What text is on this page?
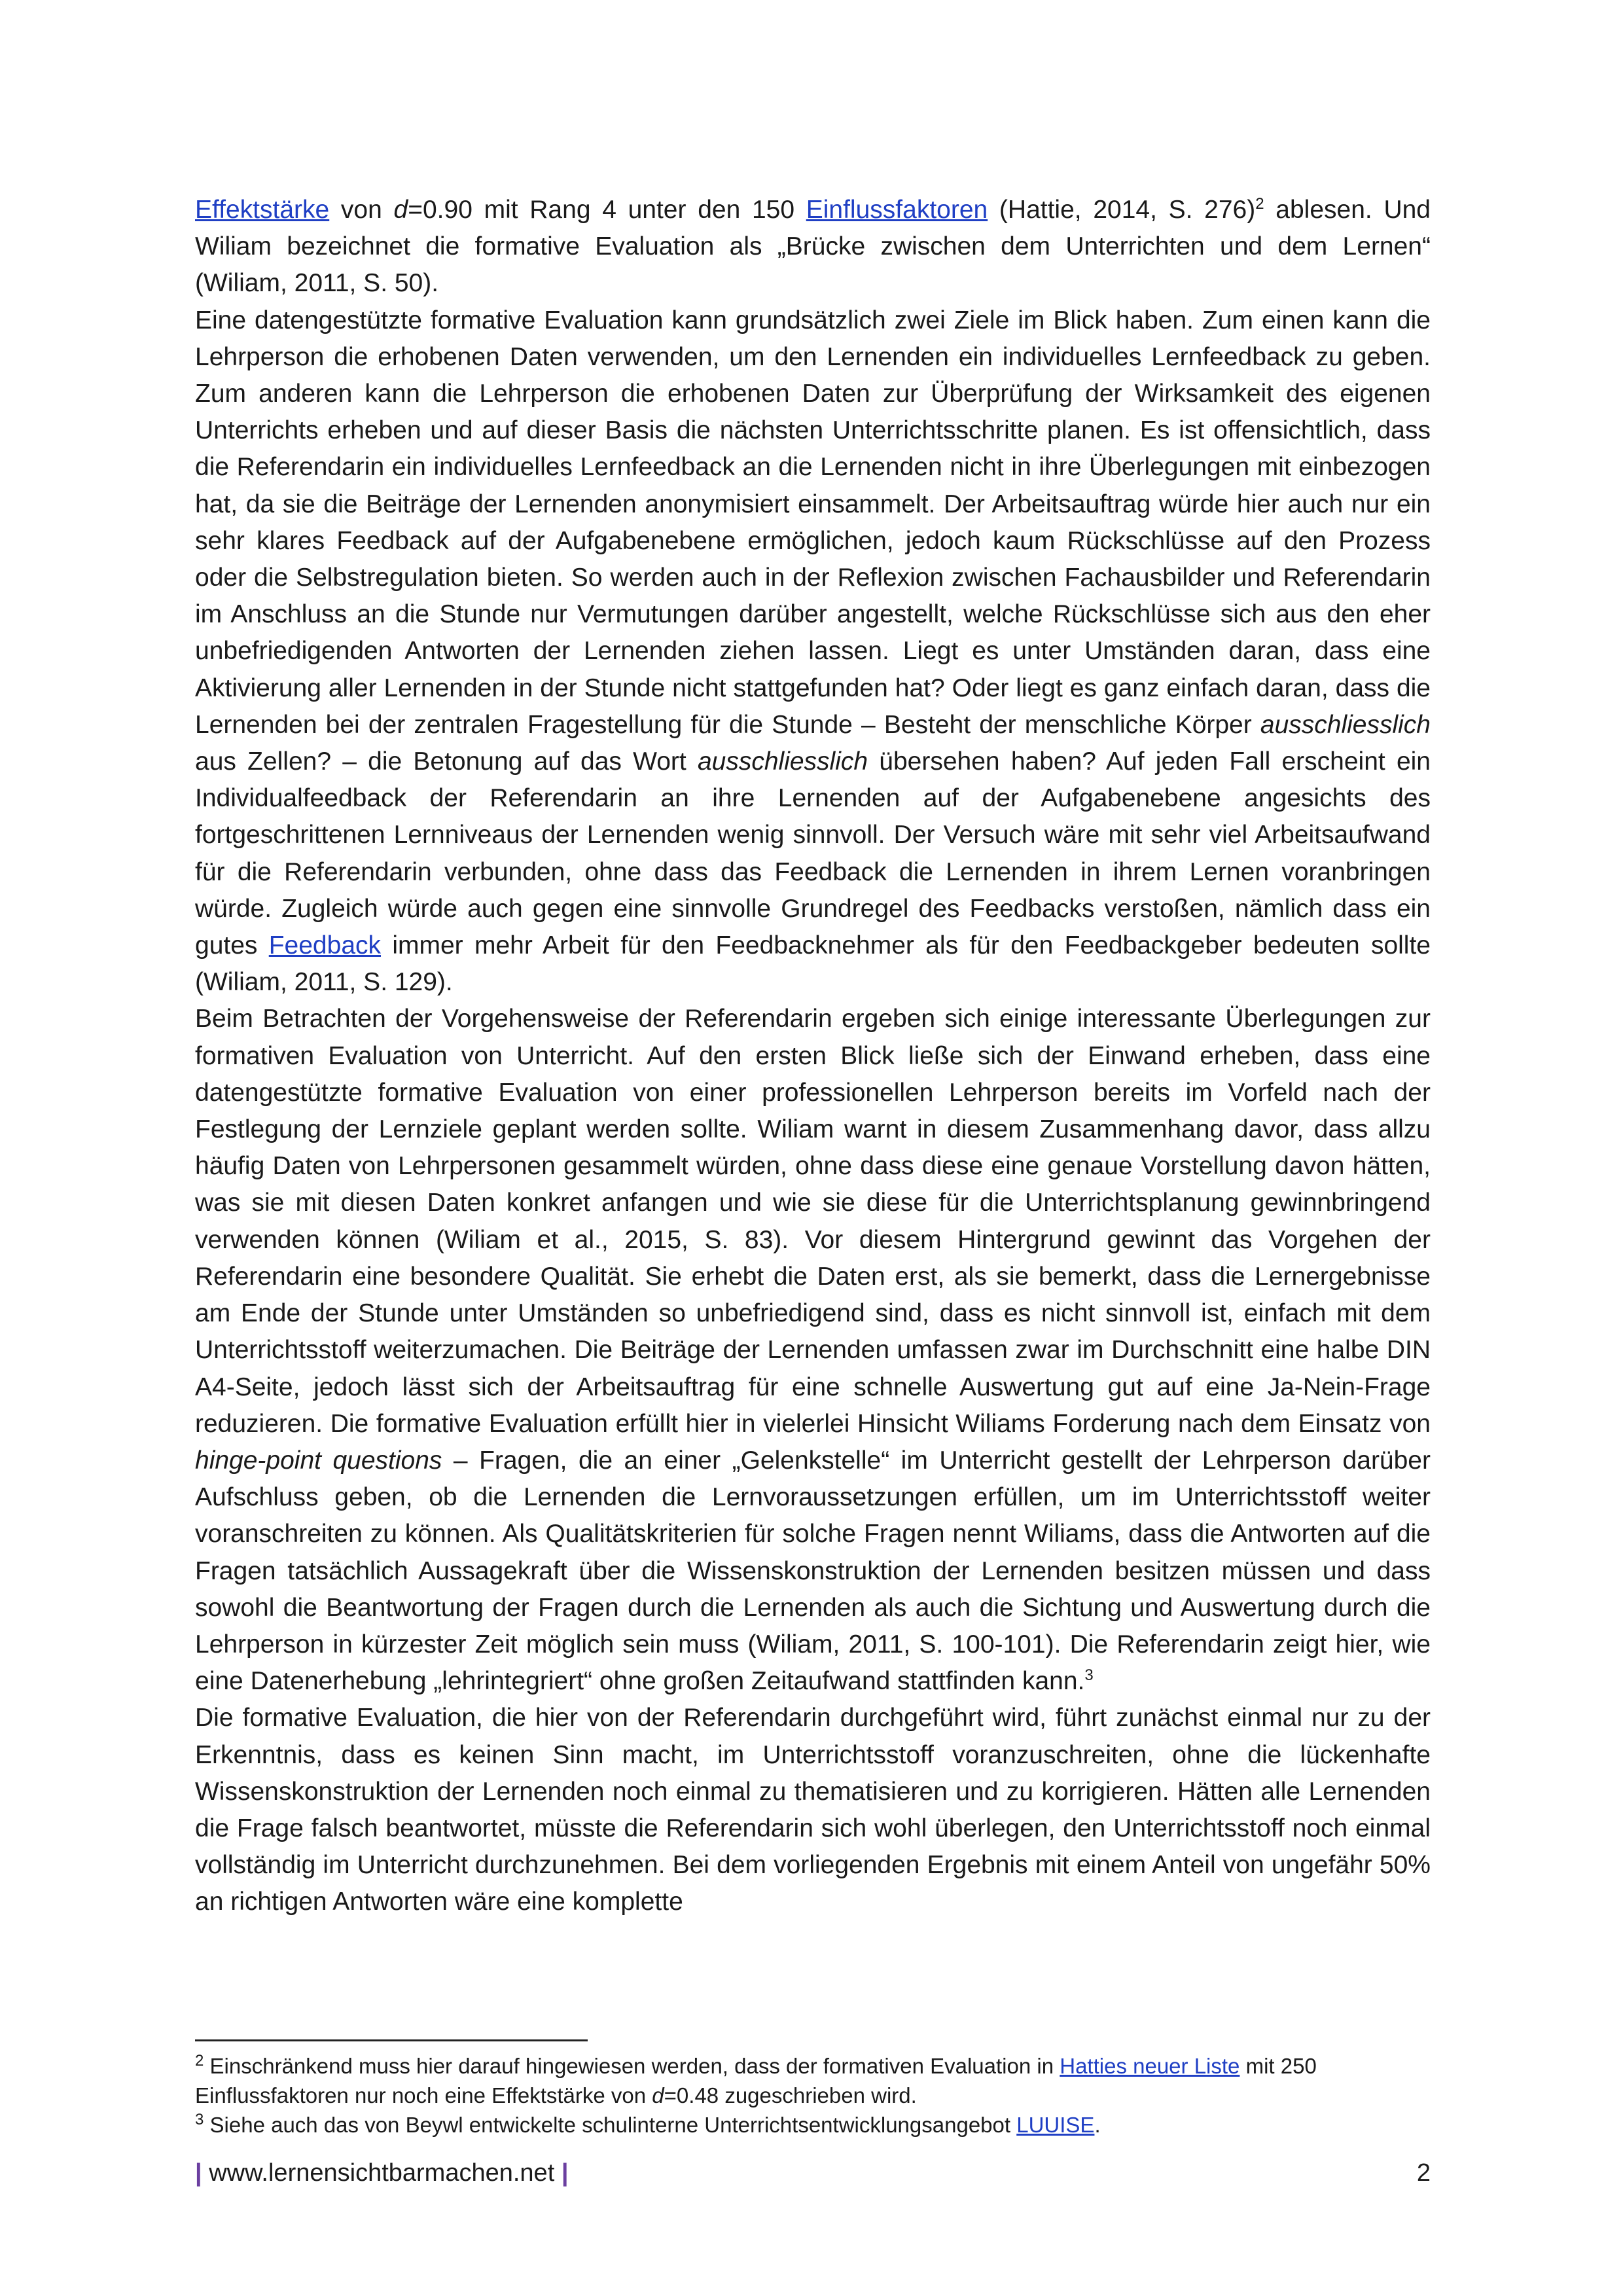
Effektstärke von d=0.90 mit Rang 4 unter den 150 Einflussfaktoren (Hattie, 2014, S. 276)$^2$ ablesen. Und Wiliam bezeichnet die formative Evaluation als „Brücke zwischen dem Unterrichten und dem Lernen“ (Wiliam, 2011, S. 50).

Eine datengestützte formative Evaluation kann grundsätzlich zwei Ziele im Blick haben. Zum einen kann die Lehrperson die erhobenen Daten verwenden, um den Lernenden ein individuelles Lernfeedback zu geben. Zum anderen kann die Lehrperson die erhobenen Daten zur Überprüfung der Wirksamkeit des eigenen Unterrichts erheben und auf dieser Basis die nächsten Unterrichtsschritte planen. Es ist offensichtlich, dass die Referendarin ein individuelles Lernfeedback an die Lernenden nicht in ihre Überlegungen mit einbezogen hat, da sie die Beiträge der Lernenden anonymisiert einsammelt. Der Arbeitsauftrag würde hier auch nur ein sehr klares Feedback auf der Aufgabenebene ermöglichen, jedoch kaum Rückschlüsse auf den Prozess oder die Selbstregulation bieten. So werden auch in der Reflexion zwischen Fachausbilder und Referendarin im Anschluss an die Stunde nur Vermutungen darüber angestellt, welche Rückschlüsse sich aus den eher unbefriedigenden Antworten der Lernenden ziehen lassen. Liegt es unter Umständen daran, dass eine Aktivierung aller Lernenden in der Stunde nicht stattgefunden hat? Oder liegt es ganz einfach daran, dass die Lernenden bei der zentralen Fragestellung für die Stunde – Besteht der menschliche Körper ausschliesslich aus Zellen? – die Betonung auf das Wort ausschliesslich übersehen haben? Auf jeden Fall erscheint ein Individualfeedback der Referendarin an ihre Lernenden auf der Aufgabenebene angesichts des fortgeschrittenen Lernniveaus der Lernenden wenig sinnvoll. Der Versuch wäre mit sehr viel Arbeitsaufwand für die Referendarin verbunden, ohne dass das Feedback die Lernenden in ihrem Lernen voranbringen würde. Zugleich würde auch gegen eine sinnvolle Grundregel des Feedbacks verstoßen, nämlich dass ein gutes Feedback immer mehr Arbeit für den Feedbacknehmer als für den Feedbackgeber bedeuten sollte (Wiliam, 2011, S. 129).

Beim Betrachten der Vorgehensweise der Referendarin ergeben sich einige interessante Überlegungen zur formativen Evaluation von Unterricht. Auf den ersten Blick ließe sich der Einwand erheben, dass eine datengestützte formative Evaluation von einer professionellen Lehrperson bereits im Vorfeld nach der Festlegung der Lernziele geplant werden sollte. Wiliam warnt in diesem Zusammenhang davor, dass allzu häufig Daten von Lehrpersonen gesammelt würden, ohne dass diese eine genaue Vorstellung davon hätten, was sie mit diesen Daten konkret anfangen und wie sie diese für die Unterrichtsplanung gewinnbringend verwenden können (Wiliam et al., 2015, S. 83). Vor diesem Hintergrund gewinnt das Vorgehen der Referendarin eine besondere Qualität. Sie erhebt die Daten erst, als sie bemerkt, dass die Lernergebnisse am Ende der Stunde unter Umständen so unbefriedigend sind, dass es nicht sinnvoll ist, einfach mit dem Unterrichtsstoff weiterzumachen. Die Beiträge der Lernenden umfassen zwar im Durchschnitt eine halbe DIN A4-Seite, jedoch lässt sich der Arbeitsauftrag für eine schnelle Auswertung gut auf eine Ja-Nein-Frage reduzieren. Die formative Evaluation erfüllt hier in vielerlei Hinsicht Wiliams Forderung nach dem Einsatz von hinge-point questions – Fragen, die an einer „Gelenkstelle“ im Unterricht gestellt der Lehrperson darüber Aufschluss geben, ob die Lernenden die Lernvoraussetzungen erfüllen, um im Unterrichtsstoff weiter voranschreiten zu können. Als Qualitätskriterien für solche Fragen nennt Wiliams, dass die Antworten auf die Fragen tatsächlich Aussagekraft über die Wissenskonstruktion der Lernenden besitzen müssen und dass sowohl die Beantwortung der Fragen durch die Lernenden als auch die Sichtung und Auswertung durch die Lehrperson in kürzester Zeit möglich sein muss (Wiliam, 2011, S. 100-101). Die Referendarin zeigt hier, wie eine Datenerhebung „lehrintegriert“ ohne großen Zeitaufwand stattfinden kann.$^3$

Die formative Evaluation, die hier von der Referendarin durchgeführt wird, führt zunächst einmal nur zu der Erkenntnis, dass es keinen Sinn macht, im Unterrichtsstoff voranzuschreiten, ohne die lückenhafte Wissenskonstruktion der Lernenden noch einmal zu thematisieren und zu korrigieren. Hätten alle Lernenden die Frage falsch beantwortet, müsste die Referendarin sich wohl überlegen, den Unterrichtsstoff noch einmal vollständig im Unterricht durchzunehmen. Bei dem vorliegenden Ergebnis mit einem Anteil von ungefähr 50% an richtigen Antworten wäre eine komplette

$^2$ Einschränkend muss hier darauf hingewiesen werden, dass der formativen Evaluation in Hatties neuer Liste mit 250 Einflussfaktoren nur noch eine Effektstärke von d=0.48 zugeschrieben wird.

$^3$ Siehe auch das von Beywl entwickelte schulinterne Unterrichtsentwicklungsangebot LUUISE.

| www.lernensichtbarmachen.net |	2
